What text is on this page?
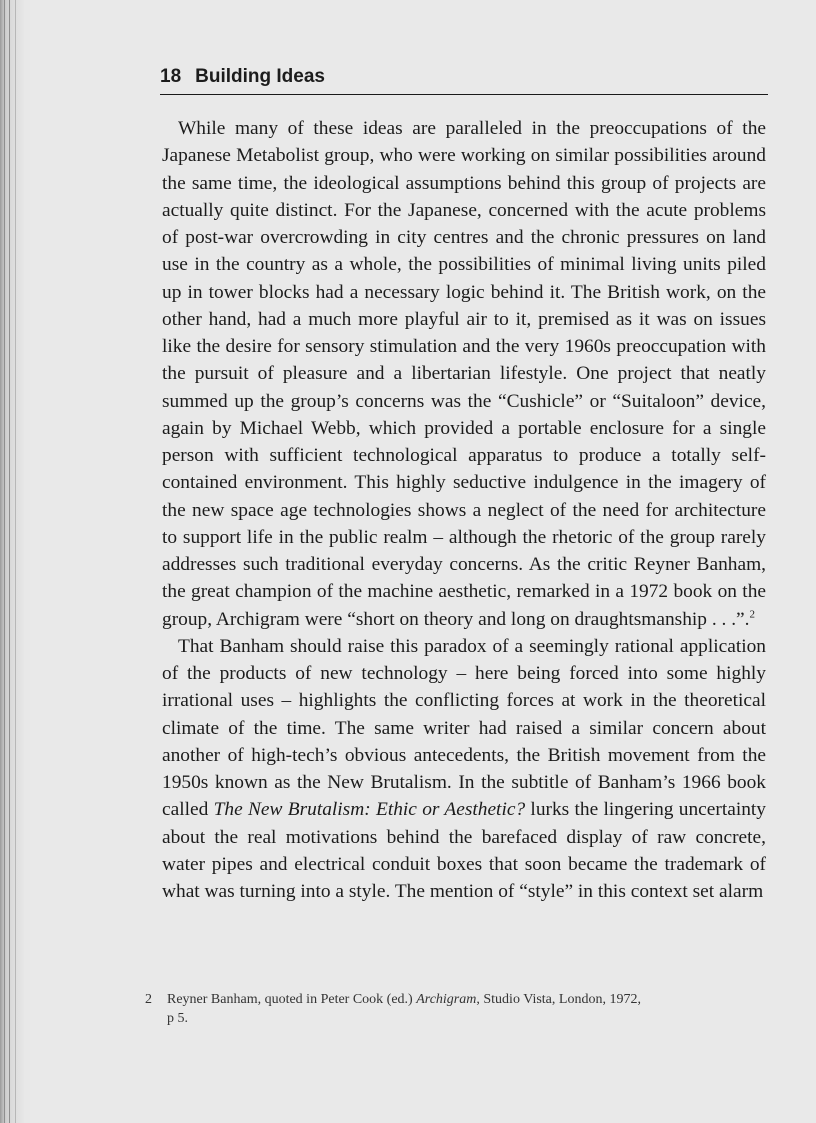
18 Building Ideas

While many of these ideas are paralleled in the preoccupations of the Japanese Metabolist group, who were working on similar possibilities around the same time, the ideological assumptions behind this group of projects are actually quite distinct. For the Japanese, concerned with the acute problems of post-war overcrowding in city centres and the chronic pressures on land use in the country as a whole, the possibilities of minimal living units piled up in tower blocks had a necessary logic behind it. The British work, on the other hand, had a much more playful air to it, premised as it was on issues like the desire for sensory stimulation and the very 1960s preoccupation with the pursuit of pleasure and a libertarian lifestyle. One project that neatly summed up the group’s concerns was the “Cushicle” or “Suitaloon” device, again by Michael Webb, which provided a portable enclosure for a single person with sufficient technological apparatus to produce a totally self-contained environment. This highly seductive indulgence in the imagery of the new space age technologies shows a neglect of the need for architecture to support life in the public realm – although the rhetoric of the group rarely addresses such traditional everyday concerns. As the critic Reyner Banham, the great champion of the machine aesthetic, remarked in a 1972 book on the group, Archigram were “short on theory and long on draughtsmanship . . .”.$^2$

That Banham should raise this paradox of a seemingly rational application of the products of new technology – here being forced into some highly irrational uses – highlights the conflicting forces at work in the theoretical climate of the time. The same writer had raised a similar concern about another of high-tech’s obvious antecedents, the British movement from the 1950s known as the New Brutalism. In the subtitle of Banham’s 1966 book called The New Brutalism: Ethic or Aesthetic? lurks the lingering uncertainty about the real motivations behind the barefaced display of raw concrete, water pipes and electrical conduit boxes that soon became the trademark of what was turning into a style. The mention of “style” in this context set alarm

2 Reyner Banham, quoted in Peter Cook (ed.) Archigram, Studio Vista, London, 1972,
p 5.
